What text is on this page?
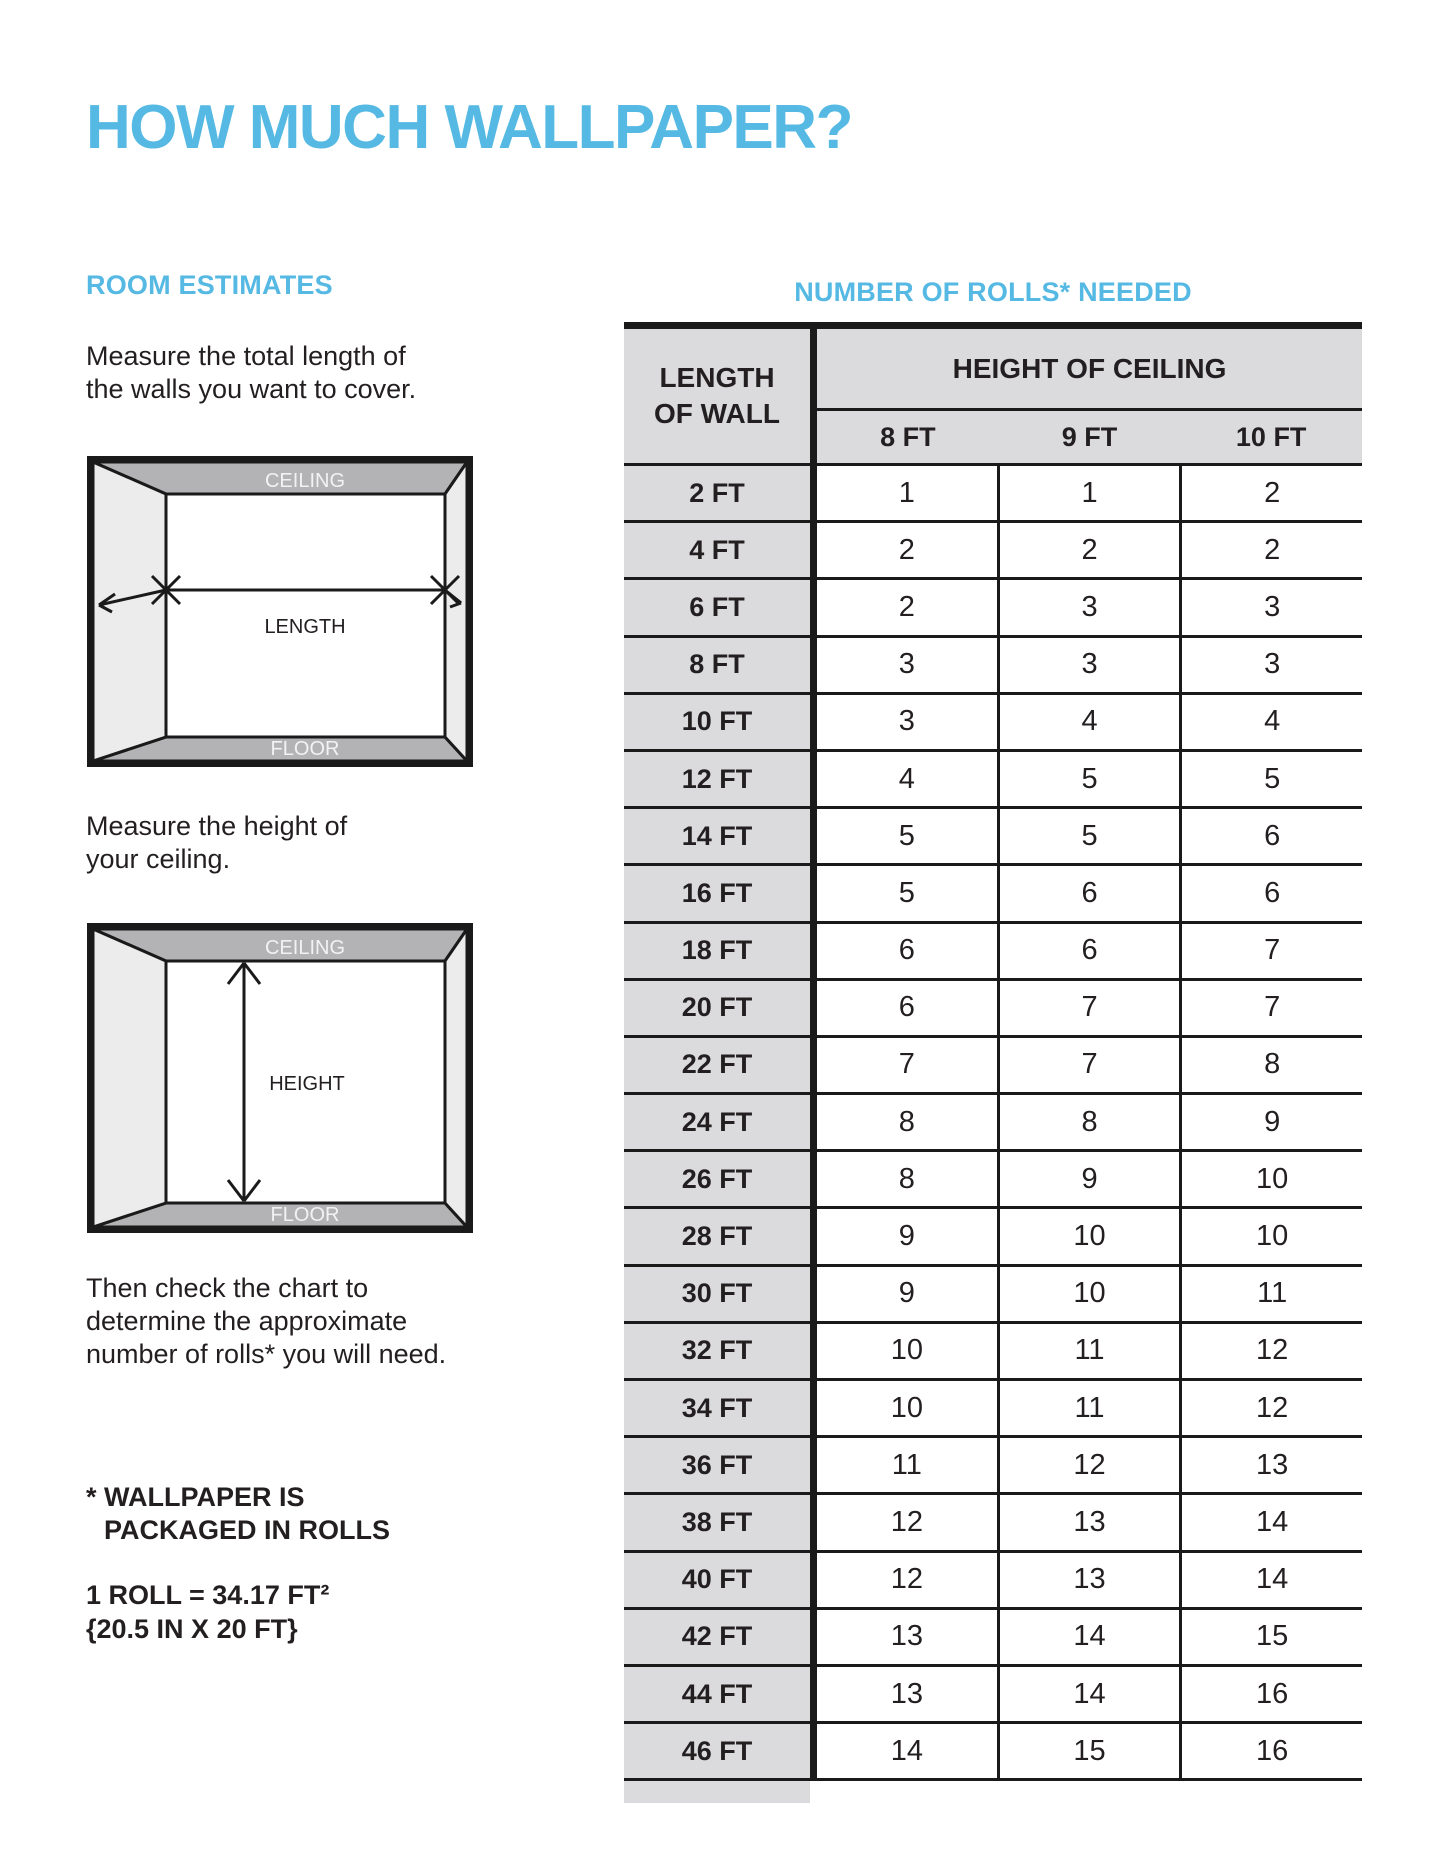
HOW MUCH WALLPAPER?
ROOM ESTIMATES
Measure the total length of
the walls you want to cover.
CEILING
FLOOR
LENGTH
Measure the height of
your ceiling.
CEILING
FLOOR
HEIGHT
Then check the chart to
determine the approximate
number of rolls* you will need.
* WALLPAPER IS
PACKAGED IN ROLLS
1 ROLL = 34.17 FT²
{20.5 IN X 20 FT}
NUMBER OF ROLLS* NEEDED
LENGTH
OF WALL
HEIGHT OF CEILING
8 FT	9 FT	10 FT
2 FT	1	1	2
4 FT	2	2	2
6 FT	2	3	3
8 FT	3	3	3
10 FT	3	4	4
12 FT	4	5	5
14 FT	5	5	6
16 FT	5	6	6
18 FT	6	6	7
20 FT	6	7	7
22 FT	7	7	8
24 FT	8	8	9
26 FT	8	9	10
28 FT	9	10	10
30 FT	9	10	11
32 FT	10	11	12
34 FT	10	11	12
36 FT	11	12	13
38 FT	12	13	14
40 FT	12	13	14
42 FT	13	14	15
44 FT	13	14	16
46 FT	14	15	16
